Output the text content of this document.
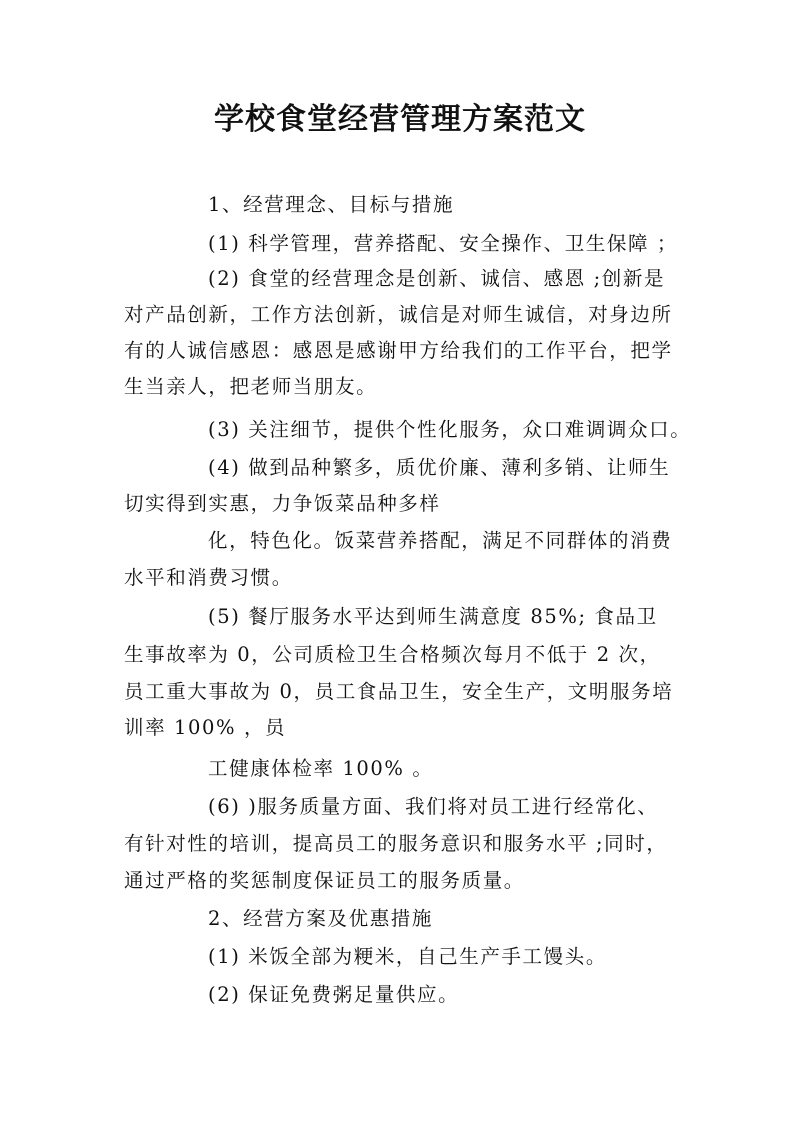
学校食堂经营管理方案范文
1、经营理念、目标与措施
(1) 科学管理，营养搭配、安全操作、卫生保障 ；
(2) 食堂的经营理念是创新、诚信、感恩 ;创新是
对产品创新，工作方法创新，诚信是对师生诚信，对身边所
有的人诚信感恩：感恩是感谢甲方给我们的工作平台，把学
生当亲人，把老师当朋友。
(3) 关注细节，提供个性化服务，众口难调调众口。
(4) 做到品种繁多，质优价廉、薄利多销、让师生
切实得到实惠，力争饭菜品种多样
化，特色化。饭菜营养搭配，满足不同群体的消费
水平和消费习惯。
(5) 餐厅服务水平达到师生满意度 85%; 食品卫
生事故率为 0，公司质检卫生合格频次每月不低于 2 次，
员工重大事故为 0，员工食品卫生，安全生产，文明服务培
训率 100% ，员
工健康体检率 100% 。
(6) )服务质量方面、我们将对员工进行经常化、
有针对性的培训，提高员工的服务意识和服务水平 ;同时，
通过严格的奖惩制度保证员工的服务质量。
2、经营方案及优惠措施
(1) 米饭全部为粳米，自己生产手工馒头。
(2) 保证免费粥足量供应。
